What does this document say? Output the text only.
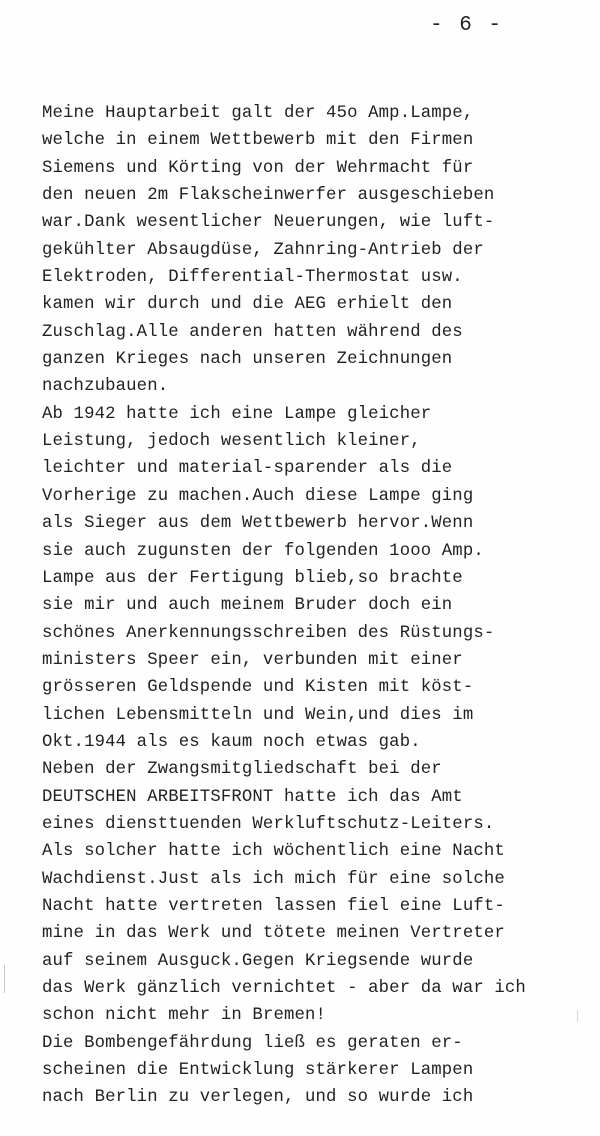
- 6 -
Meine Hauptarbeit galt der 45o Amp.Lampe,
welche in einem Wettbewerb mit den Firmen
Siemens und Körting von der Wehrmacht für
den neuen 2m Flakscheinwerfer ausgeschieben
war.Dank wesentlicher Neuerungen, wie luft-
gekühlter Absaugdüse, Zahnring-Antrieb der
Elektroden, Differential-Thermostat usw.
kamen wir durch und die AEG erhielt den
Zuschlag.Alle anderen hatten während des
ganzen Krieges nach unseren Zeichnungen
nachzubauen.
Ab 1942 hatte ich eine Lampe gleicher
Leistung, jedoch wesentlich kleiner,
leichter und material-sparender als die
Vorherige zu machen.Auch diese Lampe ging
als Sieger aus dem Wettbewerb hervor.Wenn
sie auch zugunsten der folgenden 1ooo Amp.
Lampe aus der Fertigung blieb,so brachte
sie mir und auch meinem Bruder doch ein
schönes Anerkennungsschreiben des Rüstungs-
ministers Speer ein, verbunden mit einer
grösseren Geldspende und Kisten mit köst-
lichen Lebensmitteln und Wein,und dies im
Okt.1944 als es kaum noch etwas gab.
Neben der Zwangsmitgliedschaft bei der
DEUTSCHEN ARBEITSFRONT hatte ich das Amt
eines diensttuenden Werkluftschutz-Leiters.
Als solcher hatte ich wöchentlich eine Nacht
Wachdienst.Just als ich mich für eine solche
Nacht hatte vertreten lassen fiel eine Luft-
mine in das Werk und tötete meinen Vertreter
auf seinem Ausguck.Gegen Kriegsende wurde
das Werk gänzlich vernichtet - aber da war ich
schon nicht mehr in Bremen!
Die Bombengefährdung ließ es geraten er-
scheinen die Entwicklung stärkerer Lampen
nach Berlin zu verlegen, und so wurde ich
